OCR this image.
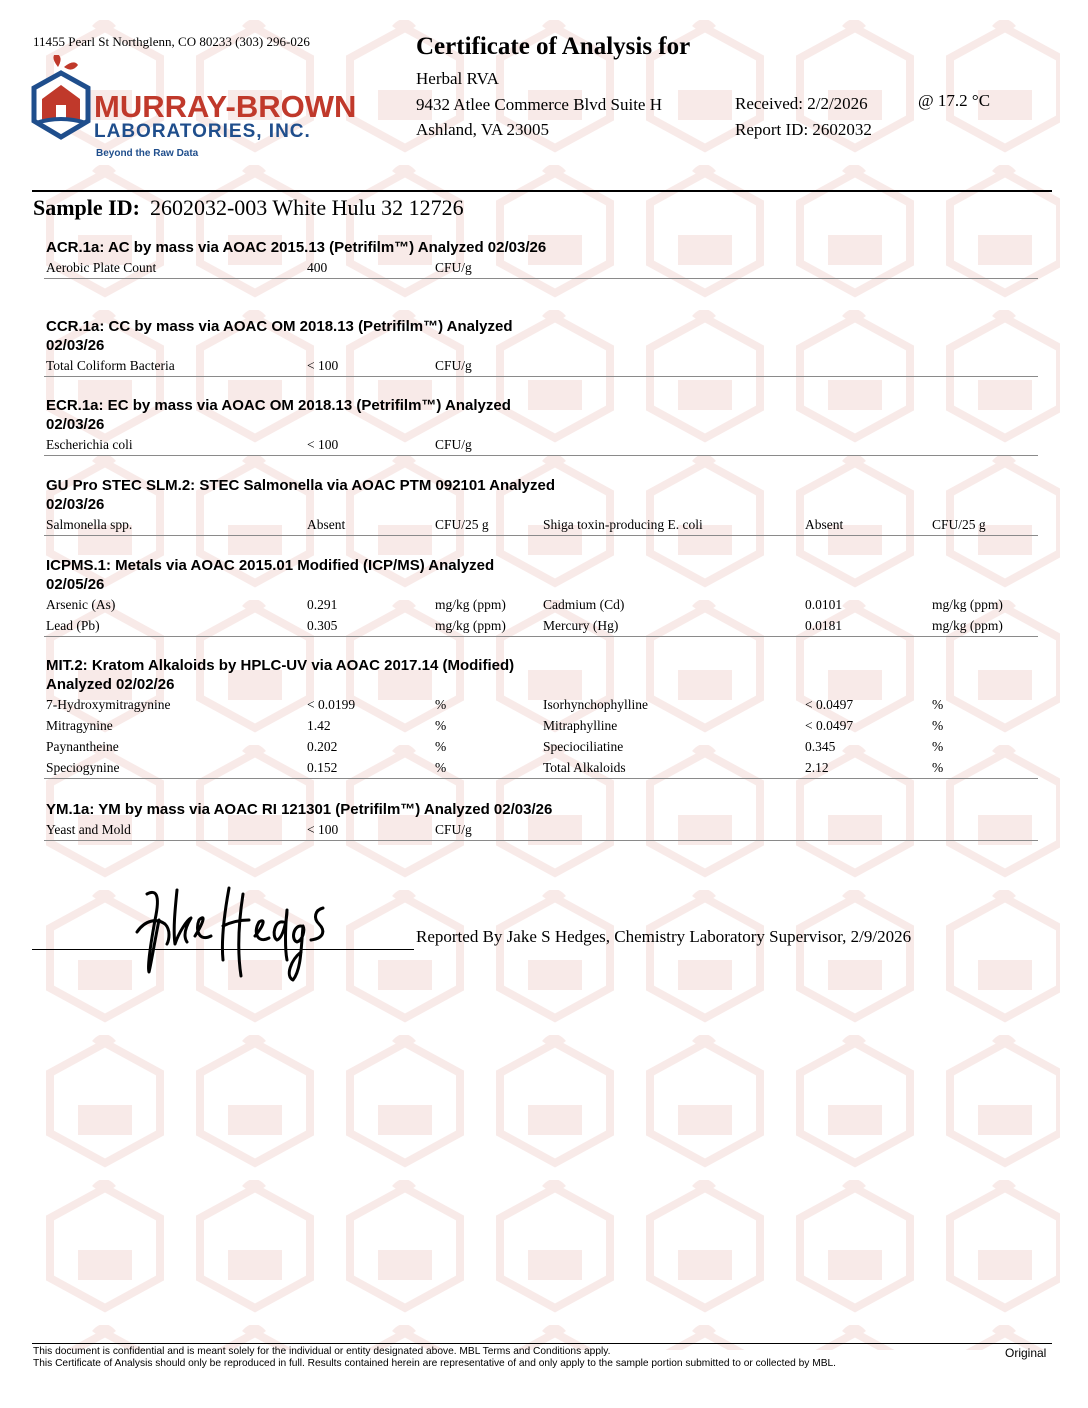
11455 Pearl St Northglenn, CO 80233 (303) 296-026
MURRAY-BROWN
LABORATORIES, INC.
Beyond the Raw Data
Certificate of Analysis for
Herbal RVA
9432 Atlee Commerce Blvd Suite H
Ashland, VA 23005
Received: 2/2/2026
Report ID: 2602032
@ 17.2 °C
Sample ID: 2602032-003 White Hulu 32 12726
ACR.1a: AC by mass via AOAC 2015.13 (Petrifilm™) Analyzed 02/03/26
Aerobic Plate Count	400	CFU/g
CCR.1a: CC by mass via AOAC OM 2018.13 (Petrifilm™) Analyzed 02/03/26
Total Coliform Bacteria	< 100	CFU/g
ECR.1a: EC by mass via AOAC OM 2018.13 (Petrifilm™) Analyzed 02/03/26
Escherichia coli	< 100	CFU/g
GU Pro STEC SLM.2: STEC Salmonella via AOAC PTM 092101 Analyzed 02/03/26
Salmonella spp.	Absent	CFU/25 g	Shiga toxin-producing E. coli	Absent	CFU/25 g
ICPMS.1: Metals via AOAC 2015.01 Modified (ICP/MS) Analyzed 02/05/26
Arsenic (As)	0.291	mg/kg (ppm)	Cadmium (Cd)	0.0101	mg/kg (ppm)
Lead (Pb)	0.305	mg/kg (ppm)	Mercury (Hg)	0.0181	mg/kg (ppm)
MIT.2: Kratom Alkaloids by HPLC-UV via AOAC 2017.14 (Modified) Analyzed 02/02/26
7-Hydroxymitragynine	< 0.0199	%	Isorhynchophylline	< 0.0497	%
Mitragynine	1.42	%	Mitraphylline	< 0.0497	%
Paynantheine	0.202	%	Speciociliatine	0.345	%
Speciogynine	0.152	%	Total Alkaloids	2.12	%
YM.1a: YM by mass via AOAC RI 121301 (Petrifilm™) Analyzed 02/03/26
Yeast and Mold	< 100	CFU/g
Reported By Jake S Hedges, Chemistry Laboratory Supervisor, 2/9/2026
This document is confidential and is meant solely for the individual or entity designated above. MBL Terms and Conditions apply.
This Certificate of Analysis should only be reproduced in full. Results contained herein are representative of and only apply to the sample portion submitted to or collected by MBL.
Original
